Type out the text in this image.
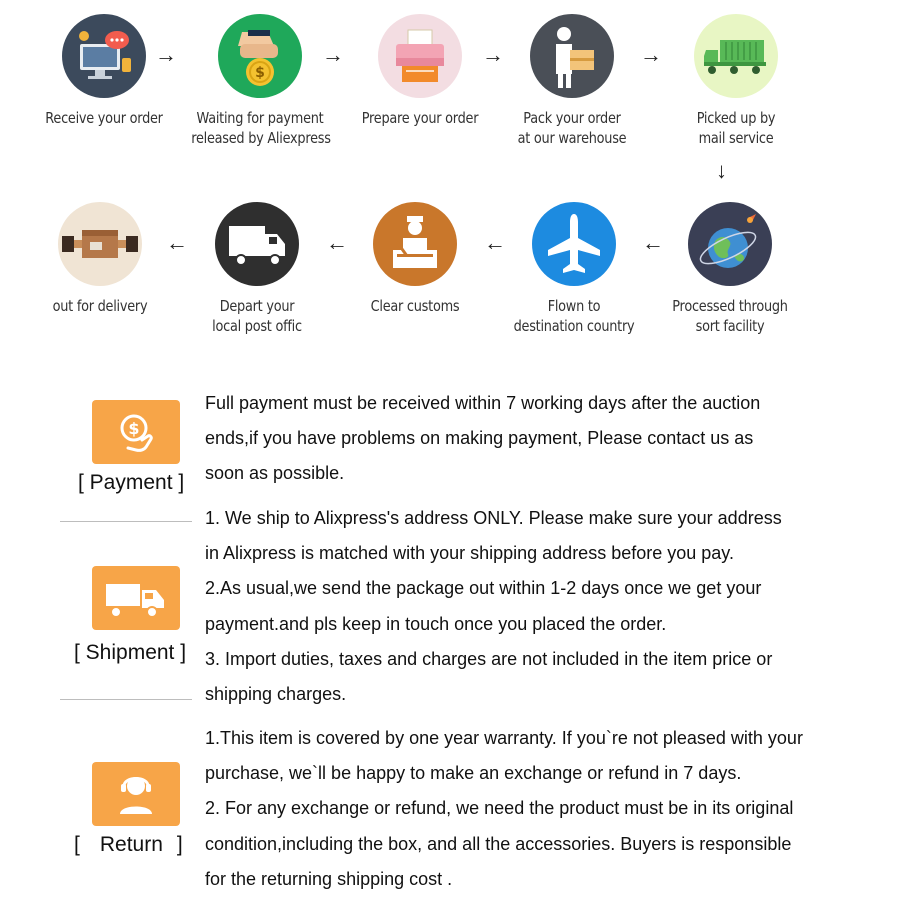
Receive your order
→
$
Waiting for payment
released by Aliexpress
→
Prepare your order
→
Pack your order
at our warehouse
→
Picked up by
mail service
↓
out for delivery
←
Depart your
local post offic
←
Clear customs
←
Flown to
destination country
←
Processed through
sort facility
$
[ Payment ]
Full payment must be received within 7 working days after the auction
ends,if you have problems on making payment, Please contact us as
soon as possible.
[ Shipment ]
1. We ship to Alixpress's address ONLY. Please make sure your address
in Alixpress is matched with your shipping address before you pay.
2.As usual,we send the package out within 1-2 days once we get your
payment.and pls keep in touch once you placed the order.
3. Import duties, taxes and charges are not included in the item price or
shipping charges.
[ Return ]
1.This item is covered by one year warranty. If you`re not pleased with your
purchase, we`ll be happy to make an exchange or refund in 7 days.
2. For any exchange or refund, we need the product must be in its original
condition,including the box, and all the accessories. Buyers is responsible
for the returning shipping cost .
